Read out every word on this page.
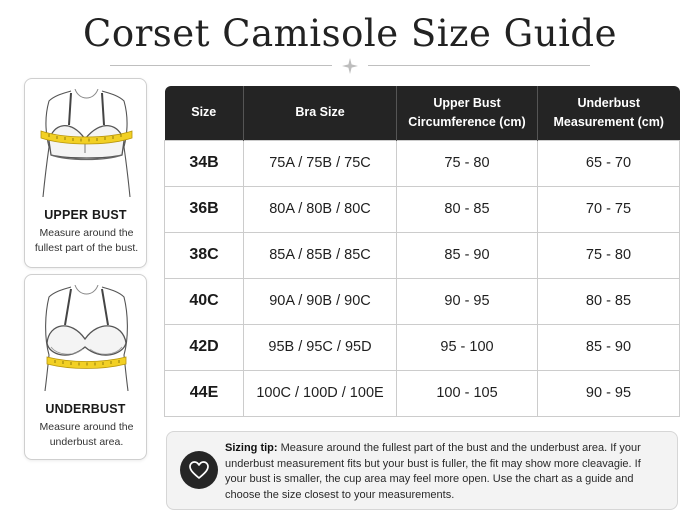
Corset Camisole Size Guide
UPPER BUST
Measure around the fullest part of the bust.
UNDERBUST
Measure around the underbust area.
Size	Bra Size	Upper Bust Circumference (cm)	Underbust Measurement (cm)
34B	75A / 75B / 75C	75 - 80	65 - 70
36B	80A / 80B / 80C	80 - 85	70 - 75
38C	85A / 85B / 85C	85 - 90	75 - 80
40C	90A / 90B / 90C	90 - 95	80 - 85
42D	95B / 95C / 95D	95 - 100	85 - 90
44E	100C / 100D / 100E	100 - 105	90 - 95
Sizing tip: Measure around the fullest part of the bust and the underbust area. If your underbust measurement fits but your bust is fuller, the fit may show more cleavagie. If your bust is smaller, the cup area may feel more open. Use the chart as a guide and choose the size closest to your measurements.
